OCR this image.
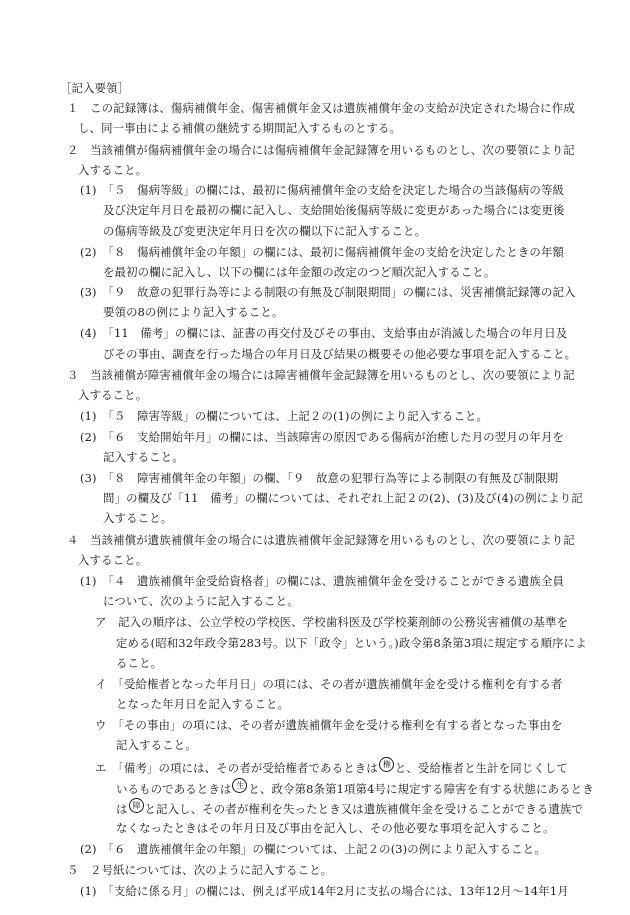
［記入要領］
１　この記録簿は、傷病補償年金、傷害補償年金又は遺族補償年金の支給が決定された場合に作成
し、同一事由による補償の継続する期間記入するものとする。
２　当該補償が傷病補償年金の場合には傷病補償年金記録簿を用いるものとし、次の要領により記
入すること。
(1)　「５　傷病等級」の欄には、最初に傷病補償年金の支給を決定した場合の当該傷病の等級
及び決定年月日を最初の欄に記入し、支給開始後傷病等級に変更があった場合には変更後
の傷病等級及び変更決定年月日を次の欄以下に記入すること。
(2)　「８　傷病補償年金の年額」の欄には、最初に傷病補償年金の支給を決定したときの年額
を最初の欄に記入し、以下の欄には年金額の改定のつど順次記入すること。
(3)　「９　故意の犯罪行為等による制限の有無及び制限期間」の欄には、災害補償記録簿の記入
要領の8の例により記入すること。
(4)　「11　備考」の欄には、証書の再交付及びその事由、支給事由が消滅した場合の年月日及
びその事由、調査を行った場合の年月日及び結果の概要その他必要な事項を記入すること。
３　当該補償が障害補償年金の場合には障害補償年金記録簿を用いるものとし、次の要領により記
入すること。
(1)　「５　障害等級」の欄については、上記２の(1)の例により記入すること。
(2)　「６　支給開始年月」の欄には、当該障害の原因である傷病が治癒した月の翌月の年月を
記入すること。
(3)　「８　障害補償年金の年額」の欄、「９　故意の犯罪行為等による制限の有無及び制限期
間」の欄及び「11　備考」の欄については、それぞれ上記２の(2)、(3)及び(4)の例により記
入すること。
４　当該補償が遺族補償年金の場合には遺族補償年金記録簿を用いるものとし、次の要領により記
入すること。
(1)　「４　遺族補償年金受給資格者」の欄には、遺族補償年金を受けることができる遺族全員
について、次のように記入すること。
ア　記入の順序は、公立学校の学校医、学校歯科医及び学校薬剤師の公務災害補償の基準を
定める(昭和32年政令第283号。以下「政令」という。)政令第8条第3項に規定する順序によ
ること。
イ　「受給権者となった年月日」の項には、その者が遺族補償年金を受ける権利を有する者
となった年月日を記入すること。
ウ　「その事由」の項には、その者が遺族補償年金を受ける権利を有する者となった事由を
記入すること。
エ　「備考」の項には、その者が受給権者であるときは 権 と、受給権者と生計を同じくして
いるものであるときは 生 と、政令第8条第1項第4号に規定する障害を有する状態にあるとき
は 障 と記入し、その者が権利を失ったとき又は遺族補償年金を受けることができる遺族で
なくなったときはその年月日及び事由を記入し、その他必要な事項を記入すること。
(2)　「６　遺族補償年金の年額」の欄については、上記２の(3)の例により記入すること。
５　２号紙については、次のように記入すること。
(1)　「支給に係る月」の欄には、例えば平成14年2月に支払の場合には、13年12月～14年1月
